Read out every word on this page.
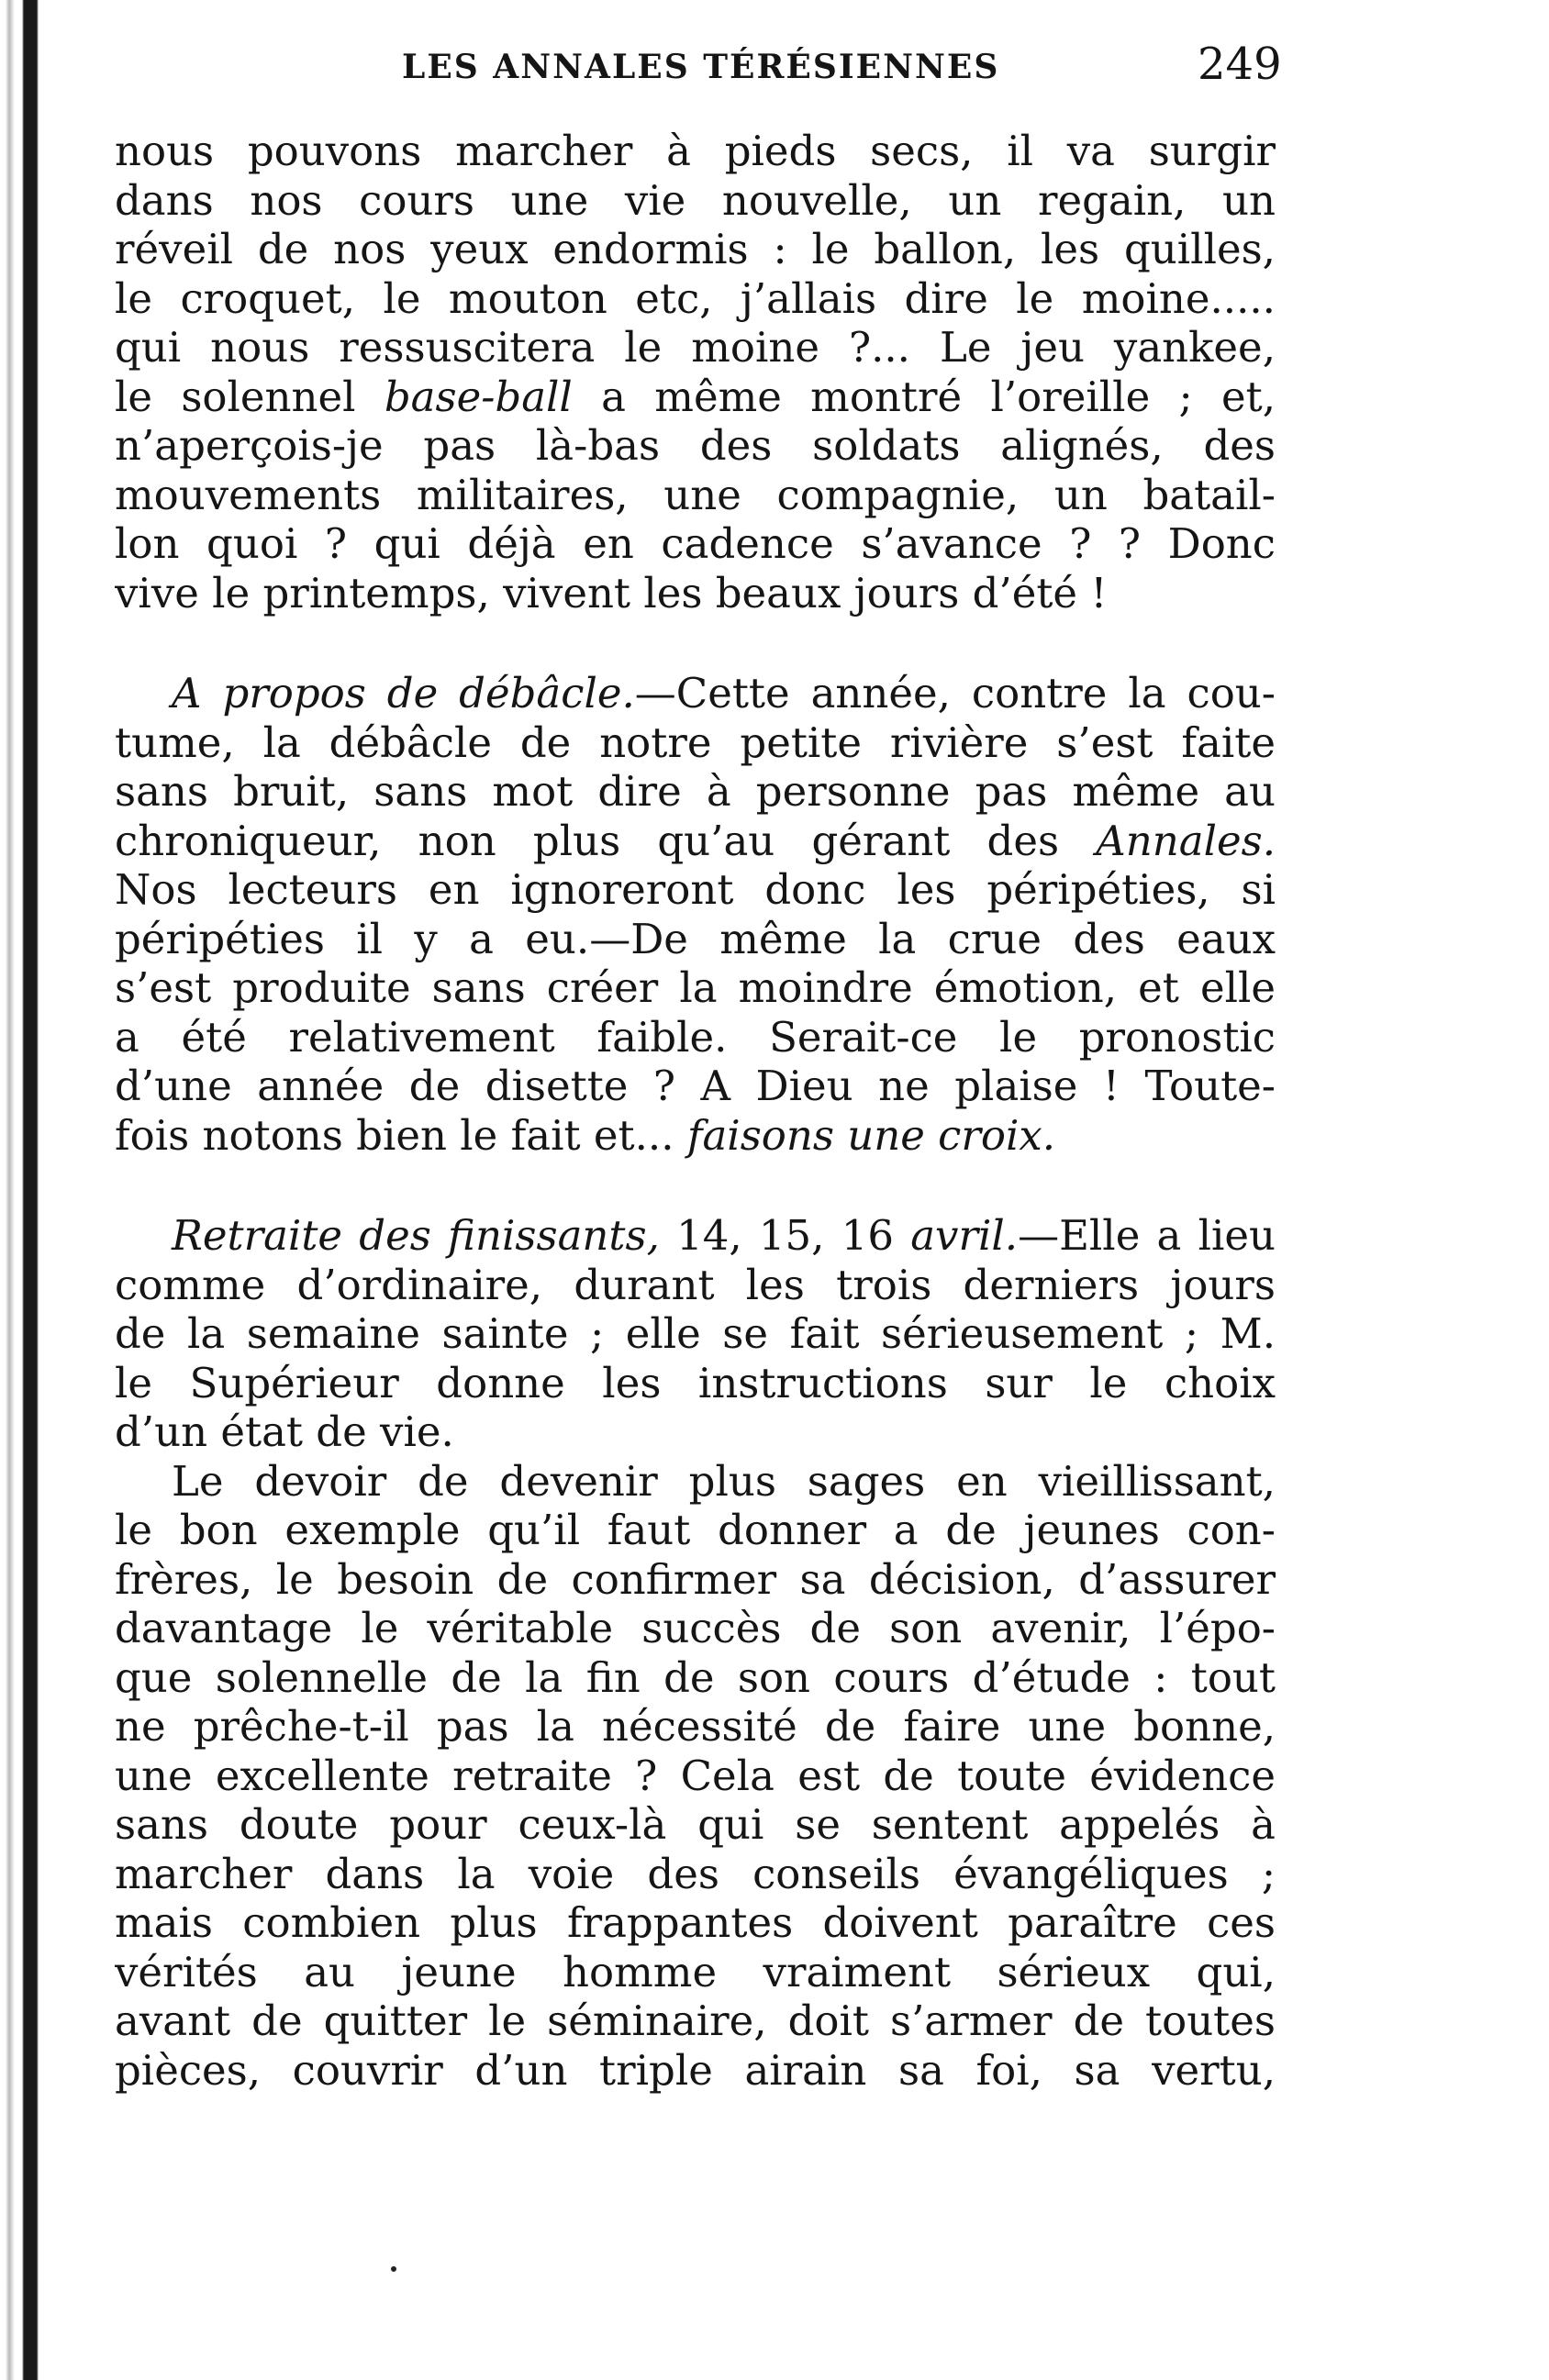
LES ANNALES TÉRÉSIENNES	249
nous pouvons marcher à pieds secs, il va surgir
dans nos cours une vie nouvelle, un regain, un
réveil de nos yeux endormis : le ballon, les quilles,
le croquet, le mouton etc, j’allais dire le moine.....
qui nous ressuscitera le moine ?... Le jeu yankee,
le solennel base-ball a même montré l’oreille ; et,
n’aperçois-je pas là-bas des soldats alignés, des
mouvements militaires, une compagnie, un batail-
lon quoi ? qui déjà en cadence s’avance ? ? Donc
vive le printemps, vivent les beaux jours d’été !
A propos de débâcle.—Cette année, contre la cou-
tume, la débâcle de notre petite rivière s’est faite
sans bruit, sans mot dire à personne pas même au
chroniqueur, non plus qu’au gérant des Annales.
Nos lecteurs en ignoreront donc les péripéties, si
péripéties il y a eu.—De même la crue des eaux
s’est produite sans créer la moindre émotion, et elle
a été relativement faible. Serait-ce le pronostic
d’une année de disette ? A Dieu ne plaise ! Toute-
fois notons bien le fait et... faisons une croix.
Retraite des finissants, 14, 15, 16 avril.—Elle a lieu
comme d’ordinaire, durant les trois derniers jours
de la semaine sainte ; elle se fait sérieusement ; M.
le Supérieur donne les instructions sur le choix
d’un état de vie.
Le devoir de devenir plus sages en vieillissant,
le bon exemple qu’il faut donner a de jeunes con-
frères, le besoin de confirmer sa décision, d’assurer
davantage le véritable succès de son avenir, l’épo-
que solennelle de la fin de son cours d’étude : tout
ne prêche-t-il pas la nécessité de faire une bonne,
une excellente retraite ? Cela est de toute évidence
sans doute pour ceux-là qui se sentent appelés à
marcher dans la voie des conseils évangéliques ;
mais combien plus frappantes doivent paraître ces
vérités au jeune homme vraiment sérieux qui,
avant de quitter le séminaire, doit s’armer de toutes
pièces, couvrir d’un triple airain sa foi, sa vertu,
